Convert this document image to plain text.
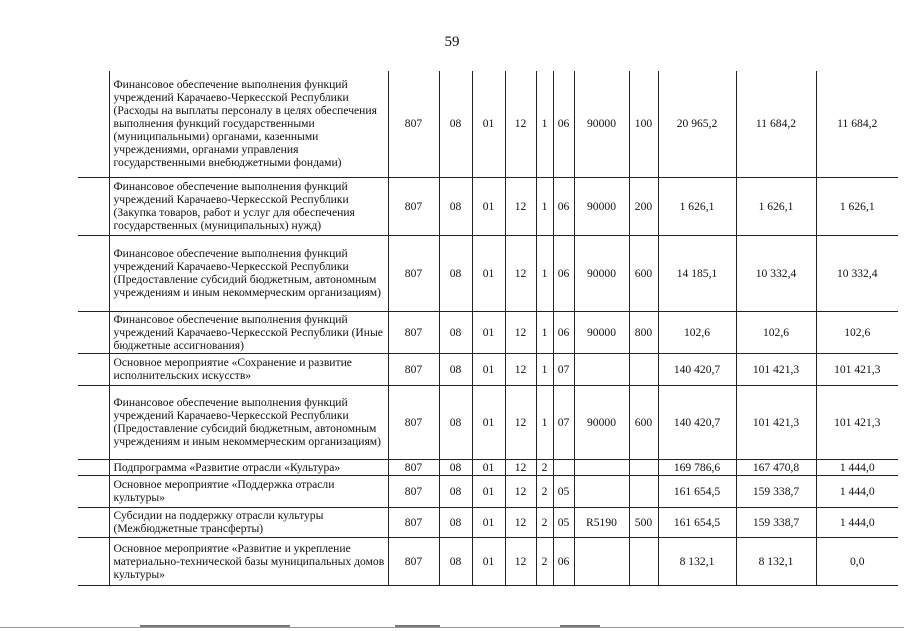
59
	Финансовое обеспечение выполнения функций учреждений Карачаево-Черкесской Республики (Расходы на выплаты персоналу в целях обеспечения выполнения функций государственными (муниципальными) органами, казенными учреждениями, органами управления государственными внебюджетными фондами)	807	08	01	12	1	06	90000	100	20 965,2	11 684,2	11 684,2
	Финансовое обеспечение выполнения функций учреждений Карачаево-Черкесской Республики (Закупка товаров, работ и услуг для обеспечения государственных (муниципальных) нужд)	807	08	01	12	1	06	90000	200	1 626,1	1 626,1	1 626,1
	Финансовое обеспечение выполнения функций учреждений Карачаево-Черкесской Республики (Предоставление субсидий бюджетным, автономным учреждениям и иным некоммерческим организациям)	807	08	01	12	1	06	90000	600	14 185,1	10 332,4	10 332,4
	Финансовое обеспечение выполнения функций учреждений Карачаево-Черкесской Республики (Иные бюджетные ассигнования)	807	08	01	12	1	06	90000	800	102,6	102,6	102,6
	Основное мероприятие «Сохранение и развитие исполнительских искусств»	807	08	01	12	1	07			140 420,7	101 421,3	101 421,3
	Финансовое обеспечение выполнения функций учреждений Карачаево-Черкесской Республики (Предоставление субсидий бюджетным, автономным учреждениям и иным некоммерческим организациям)	807	08	01	12	1	07	90000	600	140 420,7	101 421,3	101 421,3
	Подпрограмма «Развитие отрасли «Культура»	807	08	01	12	2				169 786,6	167 470,8	1 444,0
	Основное мероприятие «Поддержка отрасли культуры»	807	08	01	12	2	05			161 654,5	159 338,7	1 444,0
	Субсидии на поддержку отрасли культуры (Межбюджетные трансферты)	807	08	01	12	2	05	R5190	500	161 654,5	159 338,7	1 444,0
	Основное мероприятие «Развитие и укрепление материально-технической базы муниципальных домов культуры»	807	08	01	12	2	06			8 132,1	8 132,1	0,0
